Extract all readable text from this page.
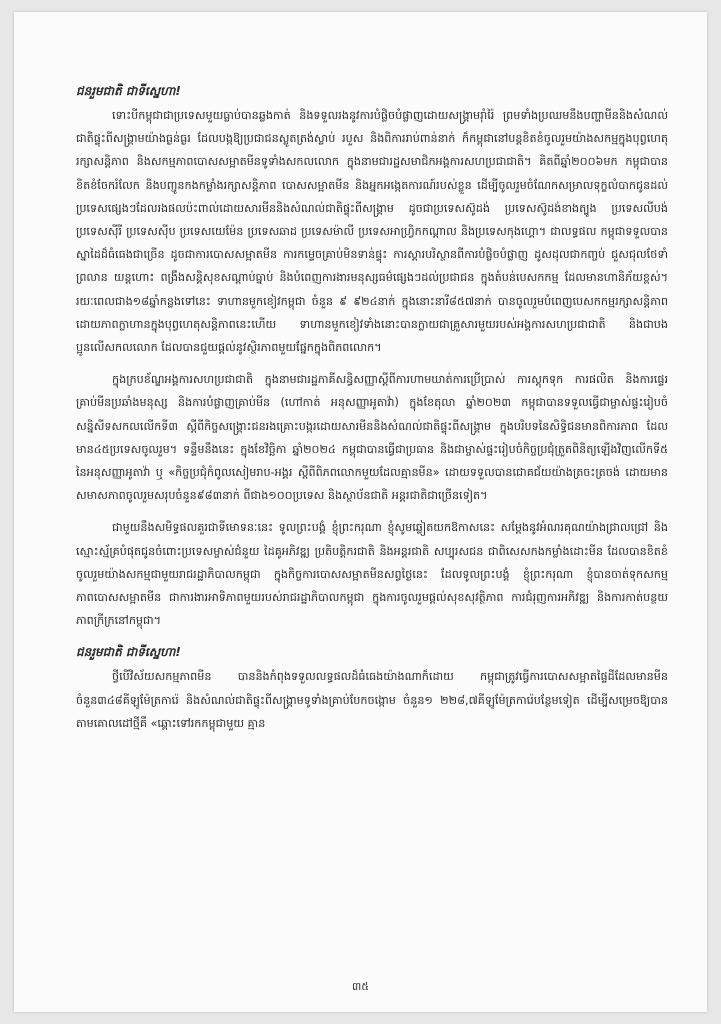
ជនរួមជាតិ ជាទីស្នេហា!

ទោះបីកម្ពុជាជាប្រទេសមួយធ្លាប់បានឆ្លងកាត់ និងទទួលរងនូវការបំផ្លិចបំផ្លាញដោយសង្គ្រាមរ៉ាំរ៉ៃ ព្រមទាំងប្រឈមនឹងបញ្ហាមីននិងសំណល់ជាតិផ្ទុះពីសង្គ្រាមយ៉ាងធ្ងន់ធ្ងរ ដែលបង្កឱ្យប្រជាជនស្លូតត្រង់ស្លាប់ របួស និងពិការរាប់ពាន់នាក់ ក៏កម្ពុជានៅបន្តខិតខំចូលរួមយ៉ាងសកម្មក្នុងបុព្វហេតុរក្សាសន្តិភាព និងសកម្មភាពបោសសម្អាតមីនទូទាំងសកលលោក ក្នុងនាមជារដ្ឋសមាជិកអង្គការសហប្រជាជាតិ។ គិតពីឆ្នាំ២០០៦មក កម្ពុជាបានខិតខំចែករំលែក និងបញ្ជូនកងកម្លាំងរក្សាសន្តិភាព បោសសម្អាតមីន និងអ្នកអង្កេតការណ៍របស់ខ្លួន ដើម្បីចូលរួមចំណែកសម្រាលទុក្ខលំបាកជូនដល់ប្រទេសផ្សេងៗដែលរងផលប៉ះពាល់ដោយសារមីននិងសំណល់ជាតិផ្ទុះពីសង្គ្រាម ដូចជាប្រទេសស៊ូដង់ ប្រទេសស៊ូដង់ខាងត្បូង ប្រទេសលីបង់ ប្រទេសស៊ីរី ប្រទេសស៊ីប ប្រទេសយេម៉ែន ប្រទេសឆាដ ប្រទេសម៉ាលី ប្រទេសអាហ្វ្រិកកណ្តាល និងប្រទេសកុងហ្គោ។ ជាលទ្ធផល កម្ពុជាទទួលបានស្នាដៃដ៏ធំធេងជាច្រើន ដូចជាការបោសសម្អាតមីន ការកម្ទេចគ្រាប់មិនទាន់ផ្ទុះ ការស្តារបរិស្ថានពីការបំផ្លិចបំផ្លាញ ដូសដុលជាកញ្ចប់ ជួសជុលថែទាំព្រលាន យន្តហោះ ពង្រឹងសន្តិសុខសណ្តាប់ធ្នាប់ និងបំពេញការងារមនុស្សធម៌ផ្សេងៗដល់ប្រជាជន ក្នុងតំបន់បេសកកម្ម ដែលមានហានិភ័យខ្ពស់។ រយៈពេលជាង១៨ឆ្នាំកន្លងទៅនេះ ទាហានមួកខៀវកម្ពុជា ចំនួន ៩ ៩២៤នាក់ ក្នុងនោះនារី៨៥៧នាក់ បានចូលរួមបំពេញបេសកកម្មរក្សាសន្តិភាព ដោយភាពក្លាហានក្នុងបុព្វហេតុសន្តិភាពនេះហើយ ទាហានមួកខៀវទាំងនោះបានក្លាយជាគ្រួសារមួយរបស់អង្គការសហប្រជាជាតិ និងជាបងប្អូនលើសកលលោក ដែលបានជួយផ្តល់នូវស្ថិរភាពមួយផ្នែកក្នុងពិភពលោក។

ក្នុងក្របខ័ណ្ឌអង្គការសហប្រជាជាតិ ក្នុងនាមជារដ្ឋភាគីសន្ធិសញ្ញាស្តីពីការហាមឃាត់ការប្រើប្រាស់ ការស្តុកទុក ការផលិត និងការផ្ទេរគ្រាប់មីនប្រឆាំងមនុស្ស និងការបំផ្លាញគ្រាប់មីន (ហៅកាត់ អនុសញ្ញាអូតាវ៉ា) ក្នុងខែតុលា ឆ្នាំ២០២៣ កម្ពុជាបានទទួលធ្វើជាម្ចាស់ផ្ទះរៀបចំសន្និសីទសកលលើកទី៣ ស្តីពីកិច្ចសង្គ្រោះជនរងគ្រោះបង្ករដោយសារមីននិងសំណល់ជាតិផ្ទុះពីសង្គ្រាម ក្នុងបរិបទនៃសិទ្ធិជនមានពិការភាព ដែលមាន៤៥ប្រទេសចូលរួម។ ទន្ទឹមនឹងនេះ ក្នុងខែវិច្ឆិកា ឆ្នាំ២០២៤ កម្ពុជាបានធ្វើជាប្រធាន និងជាម្ចាស់ផ្ទះរៀបចំកិច្ចប្រជុំត្រួតពិនិត្យឡើងវិញលើកទី៥ នៃអនុសញ្ញាអូតាវ៉ា ឬ «កិច្ចប្រជុំកំពូលសៀមរាប-អង្គរ ស្តីពីពិភពលោកមួយដែលគ្មានមីន» ដោយទទួលបានជោគជ័យយ៉ាងត្រចះត្រចង់ ដោយមានសមាសភាពចូលរួមសរុបចំនួន៩៨៣នាក់ ពីជាង១០០ប្រទេស និងស្ថាប័នជាតិ អន្តរជាតិជាច្រើនទៀត។

ជាមួយនឹងសមិទ្ធផលគួរជាទីមោទនៈនេះ ទូលព្រះបង្គំ ខ្ញុំព្រះករុណា ខ្ញុំសូមឆ្លៀតយកឱកាសនេះ សម្តែងនូវអំណរគុណយ៉ាងជ្រាលជ្រៅ និងស្មោះស្ម័គ្របំផុតជូនចំពោះប្រទេសម្ចាស់ជំនួយ ដៃគូអភិវឌ្ឍ ប្រតិបត្តិករជាតិ និងអន្តរជាតិ សប្បុរសជន ជាពិសេសកងកម្លាំងដោះមីន ដែលបានខិតខំចូលរួមយ៉ាងសកម្មជាមួយរាជរដ្ឋាភិបាលកម្ពុជា ក្នុងកិច្ចការបោសសម្អាតមីនសព្វថ្ងៃនេះ ដែលទូលព្រះបង្គំ ខ្ញុំព្រះករុណា ខ្ញុំបានចាត់ទុកសកម្មភាពបោសសម្អាតមីន ជាការងារអាទិភាពមួយរបស់រាជរដ្ឋាភិបាលកម្ពុជា ក្នុងការចូលរួមផ្តល់សុខសុវត្ថិភាព ការជំរុញការអភិវឌ្ឍ និងការកាត់បន្ថយភាពក្រីក្រនៅកម្ពុជា។

ជនរួមជាតិ ជាទីស្នេហា!

ថ្វីបើវិស័យសកម្មភាពមីន បាននិងកំពុងទទួលលទ្ធផលដ៏ធំធេងយ៉ាងណាក៏ដោយ កម្ពុជាត្រូវធ្វើការបោសសម្អាតផ្ទៃដីដែលមានមីនចំនួន៣៤៨គីឡូម៉ែត្រការ៉េ និងសំណល់ជាតិផ្ទុះពីសង្គ្រាមទូទាំងគ្រាប់បែកចង្កោម ចំនួន១ ២២៨,៧គីឡូម៉ែត្រការ៉េបន្ថែមទៀត ដើម្បីសម្រេចឱ្យបានតាមគោលដៅថ្មីគឺ «ឆ្ពោះទៅរកកម្ពុជាមួយ គ្មាន

៣៥
